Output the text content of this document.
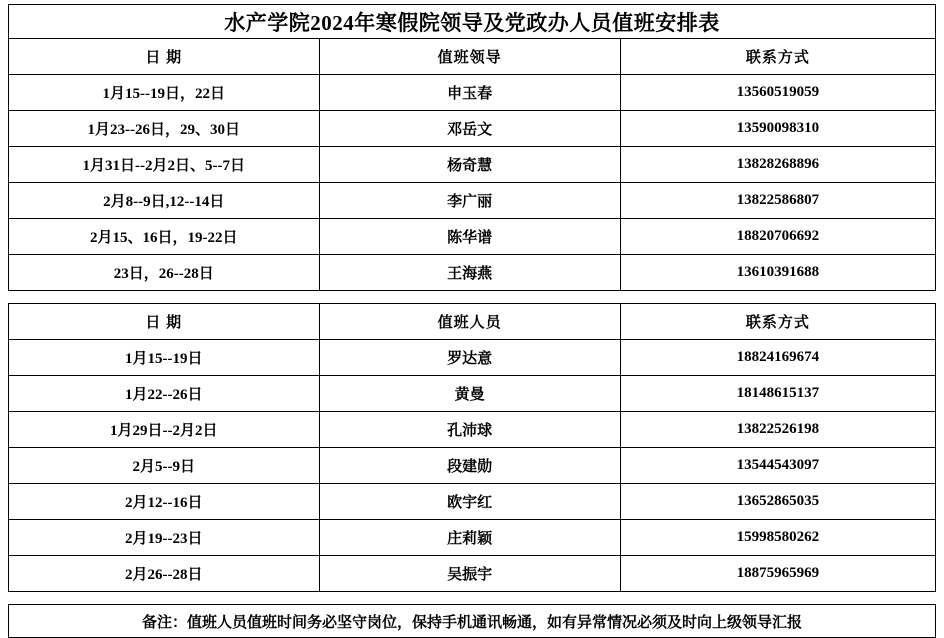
水产学院2024年寒假院领导及党政办人员值班安排表
日 期	值班领导	联系方式
1月15--19日，22日	申玉春	13560519059
1月23--26日，29、30日	邓岳文	13590098310
1月31日--2月2日、5--7日	杨奇慧	13828268896
2月8--9日,12--14日	李广丽	13822586807
2月15、16日，19-22日	陈华谱	18820706692
23日，26--28日	王海燕	13610391688
日 期	值班人员	联系方式
1月15--19日	罗达意	18824169674
1月22--26日	黄曼	18148615137
1月29日--2月2日	孔沛球	13822526198
2月5--9日	段建勋	13544543097
2月12--16日	欧宇红	13652865035
2月19--23日	庄莉颖	15998580262
2月26--28日	吴振宇	18875965969
备注：值班人员值班时间务必坚守岗位，保持手机通讯畅通，如有异常情况必须及时向上级领导汇报
